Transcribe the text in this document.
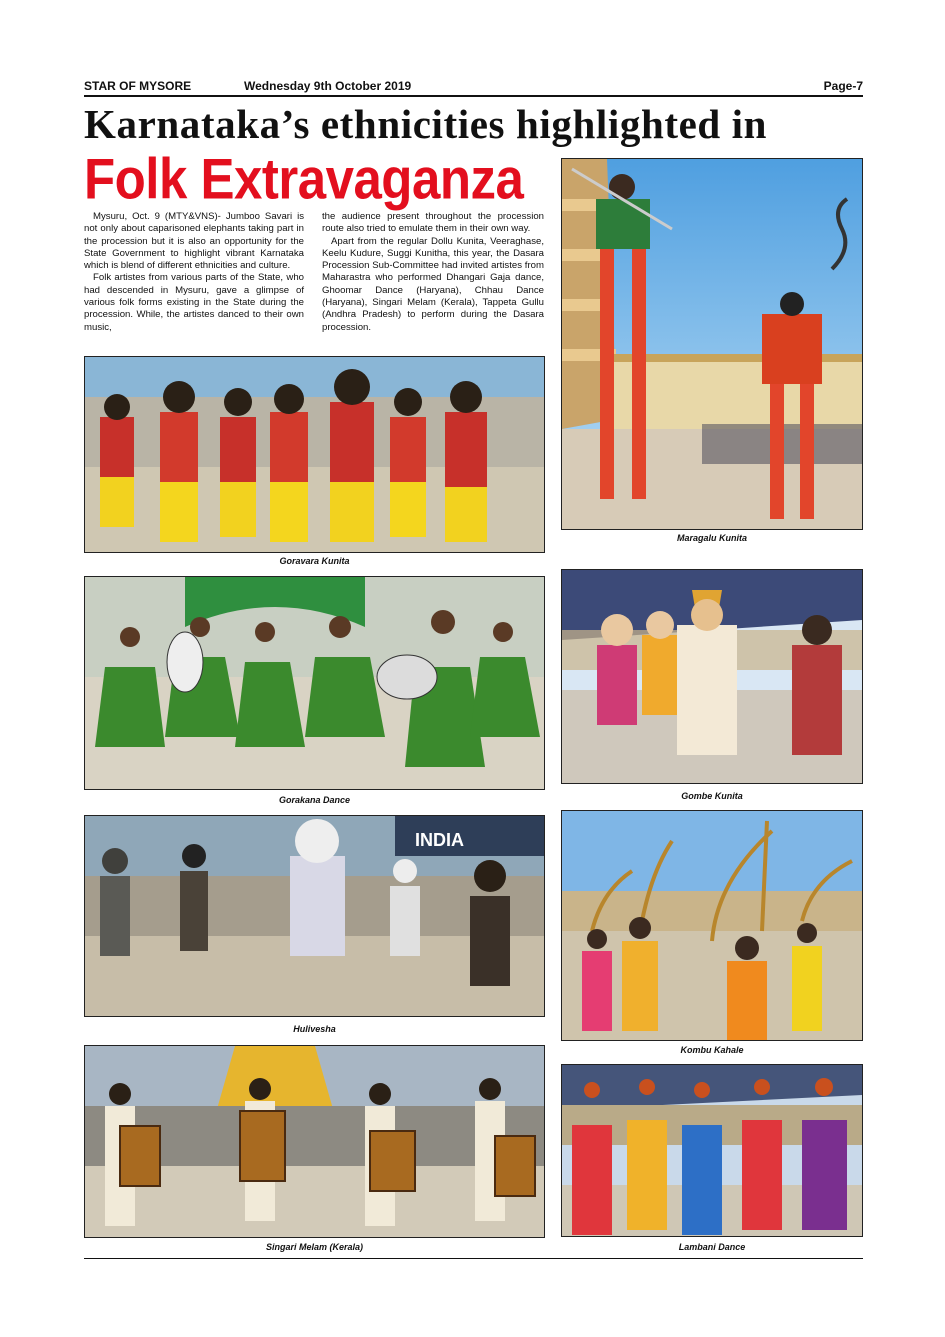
STAR OF MYSORE	Wednesday 9th October 2019	Page-7
Karnataka’s ethnicities highlighted in
Folk Extravaganza

Mysuru, Oct. 9 (MTY&VNS)- Jumboo Savari is not only about caparisoned elephants taking part in the procession but it is also an opportunity for the State Government to highlight vibrant Karnataka which is blend of different ethnicities and culture.

Folk artistes from various parts of the State, who had descended in Mysuru, gave a glimpse of various folk forms existing in the State during the procession. While, the artistes danced to their own music,

the audience present throughout the procession route also tried to emulate them in their own way.

Apart from the regular Dollu Kunita, Veeraghase, Keelu Kudure, Suggi Kunitha, this year, the Dasara Procession Sub-Committee had invited artistes from Maharastra who performed Dhangari Gaja dance, Ghoomar Dance (Haryana), Chhau Dance (Haryana), Singari Melam (Kerala), Tappeta Gullu (Andhra Pradesh) to perform during the Dasara procession.

Maragalu Kunita
Goravara Kunita
Gorakana Dance	Gombe Kunita
INDIA
Hulivesha
Kombu Kahale
Singari Melam (Kerala)	Lambani Dance
